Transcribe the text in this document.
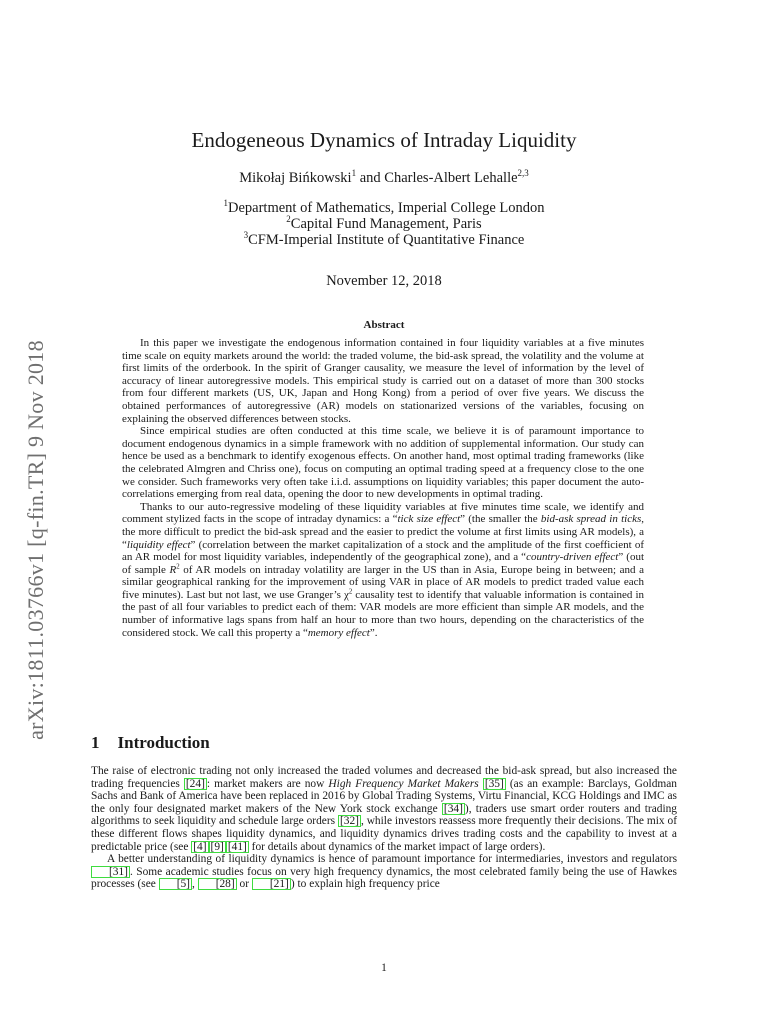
arXiv:1811.03766v1 [q-fin.TR] 9 Nov 2018
Endogeneous Dynamics of Intraday Liquidity
Mikołaj Bińkowski$^1$ and Charles-Albert Lehalle$^{2,3}$
$^1$Department of Mathematics, Imperial College London
$^2$Capital Fund Management, Paris
$^3$CFM-Imperial Institute of Quantitative Finance
November 12, 2018
Abstract

In this paper we investigate the endogenous information contained in four liquidity variables at a five minutes time scale on equity markets around the world: the traded volume, the bid-ask spread, the volatility and the volume at first limits of the orderbook. In the spirit of Granger causality, we measure the level of information by the level of accuracy of linear autoregressive models. This empirical study is carried out on a dataset of more than 300 stocks from four different markets (US, UK, Japan and Hong Kong) from a period of over five years. We discuss the obtained performances of autoregressive (AR) models on stationarized versions of the variables, focusing on explaining the observed differences between stocks.

Since empirical studies are often conducted at this time scale, we believe it is of paramount importance to document endogenous dynamics in a simple framework with no addition of supplemental information. Our study can hence be used as a benchmark to identify exogenous effects. On another hand, most optimal trading frameworks (like the celebrated Almgren and Chriss one), focus on computing an optimal trading speed at a frequency close to the one we consider. Such frameworks very often take i.i.d. assumptions on liquidity variables; this paper document the auto-correlations emerging from real data, opening the door to new developments in optimal trading.

Thanks to our auto-regressive modeling of these liquidity variables at five minutes time scale, we identify and comment stylized facts in the scope of intraday dynamics: a “tick size effect” (the smaller the bid-ask spread in ticks, the more difficult to predict the bid-ask spread and the easier to predict the volume at first limits using AR models), a “liquidity effect” (correlation between the market capitalization of a stock and the amplitude of the first coefficient of an AR model for most liquidity variables, independently of the geographical zone), and a “country-driven effect” (out of sample $R^2$ of AR models on intraday volatility are larger in the US than in Asia, Europe being in between; and a similar geographical ranking for the improvement of using VAR in place of AR models to predict traded value each five minutes). Last but not last, we use Granger’s $\chi^2$ causality test to identify that valuable information is contained in the past of all four variables to predict each of them: VAR models are more efficient than simple AR models, and the number of informative lags spans from half an hour to more than two hours, depending on the characteristics of the considered stock. We call this property a “memory effect”.

1 Introduction

The raise of electronic trading not only increased the traded volumes and decreased the bid-ask spread, but also increased the trading frequencies [24] : market makers are now High Frequency Market Makers [35] (as an example: Barclays, Goldman Sachs and Bank of America have been replaced in 2016 by Global Trading Systems, Virtu Financial, KCG Holdings and IMC as the only four designated market makers of the New York stock exchange [34] ), traders use smart order routers and trading algorithms to seek liquidity and schedule large orders [32] , while investors reassess more frequently their decisions. The mix of these different flows shapes liquidity dynamics, and liquidity dynamics drives trading costs and the capability to invest at a predictable price (see [4] [9] [41] for details about dynamics of the market impact of large orders).

A better understanding of liquidity dynamics is hence of paramount importance for intermediaries, investors and regulators [31] . Some academic studies focus on very high frequency dynamics, the most celebrated family being the use of Hawkes processes (see [5] , [28] or [21] ) to explain high frequency price

1
